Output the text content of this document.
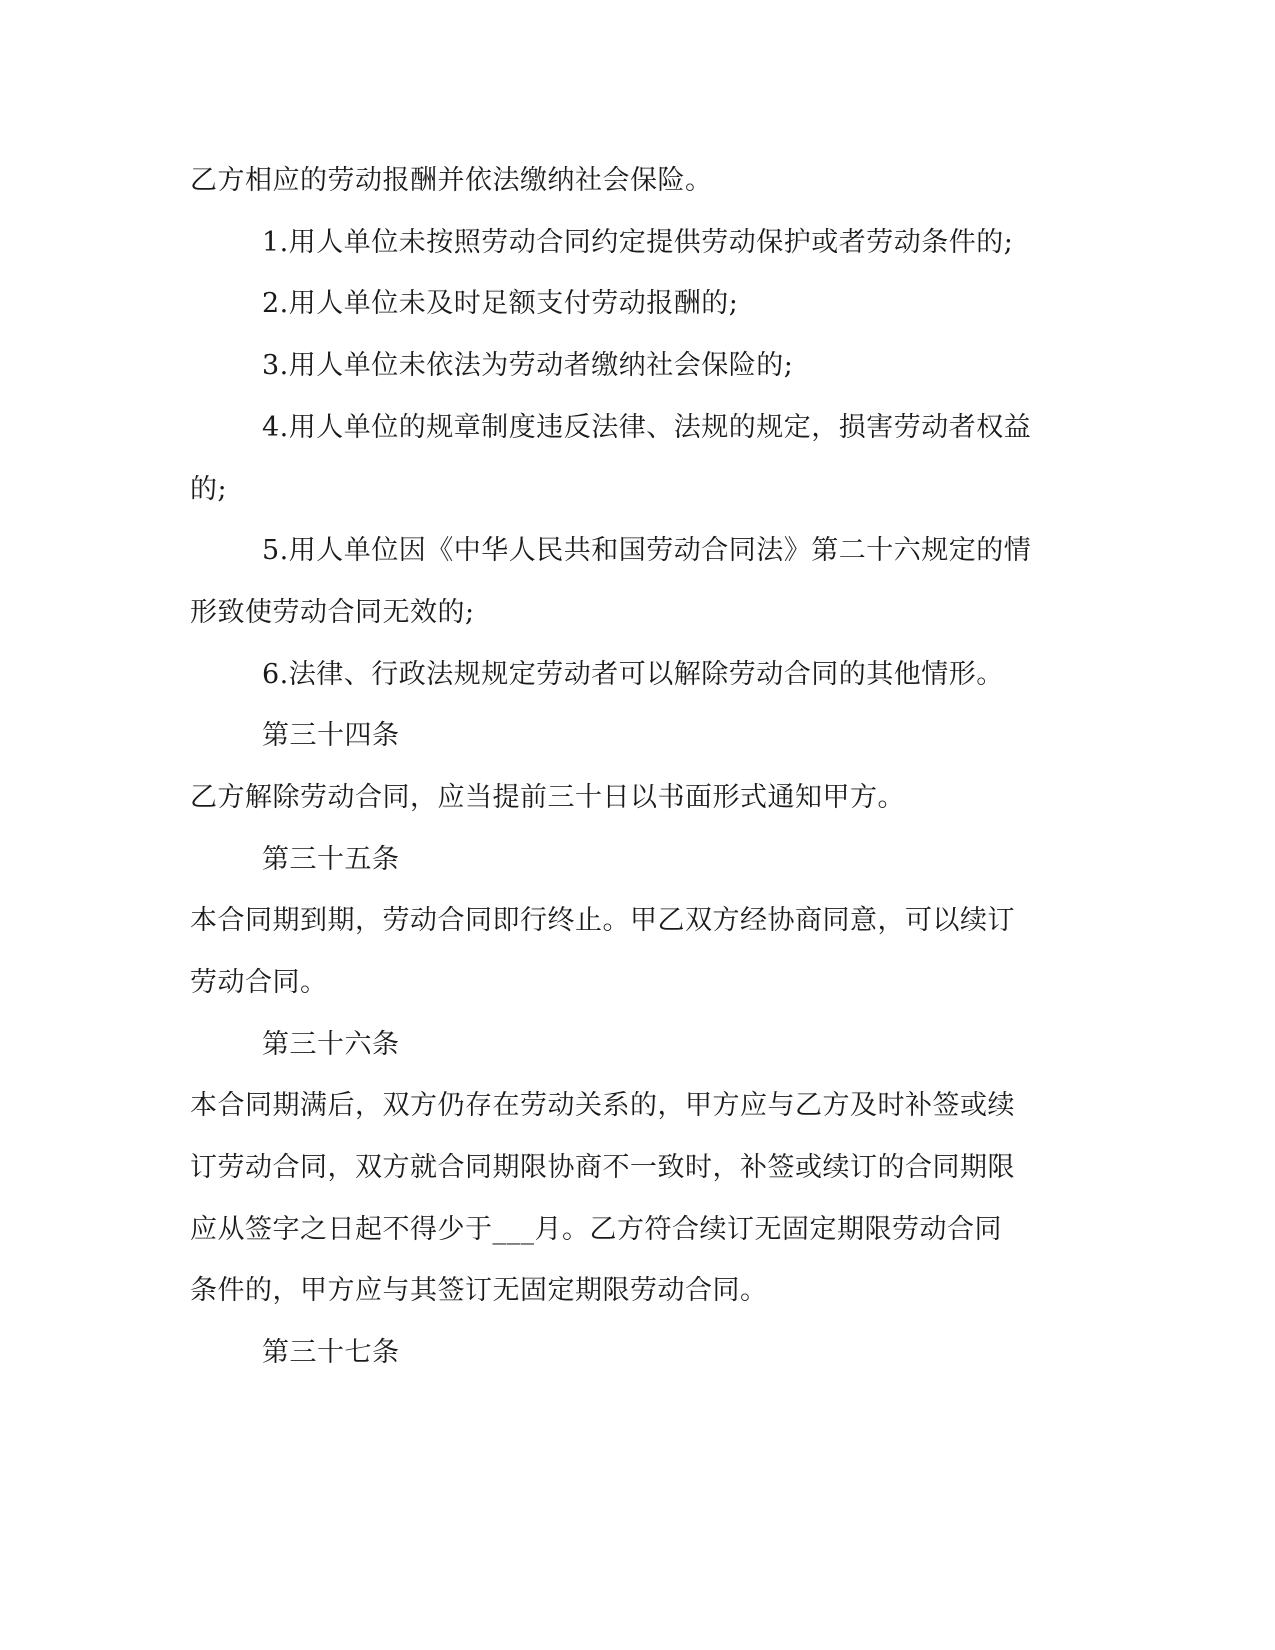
乙方相应的劳动报酬并依法缴纳社会保险。
1.用人单位未按照劳动合同约定提供劳动保护或者劳动条件的;
2.用人单位未及时足额支付劳动报酬的;
3.用人单位未依法为劳动者缴纳社会保险的;
4.用人单位的规章制度违反法律、法规的规定，损害劳动者权益
的;
5.用人单位因《中华人民共和国劳动合同法》第二十六规定的情
形致使劳动合同无效的;
6.法律、行政法规规定劳动者可以解除劳动合同的其他情形。
第三十四条
乙方解除劳动合同，应当提前三十日以书面形式通知甲方。
第三十五条
本合同期到期，劳动合同即行终止。甲乙双方经协商同意，可以续订
劳动合同。
第三十六条
本合同期满后，双方仍存在劳动关系的，甲方应与乙方及时补签或续
订劳动合同，双方就合同期限协商不一致时，补签或续订的合同期限
应从签字之日起不得少于___月。乙方符合续订无固定期限劳动合同
条件的，甲方应与其签订无固定期限劳动合同。
第三十七条
